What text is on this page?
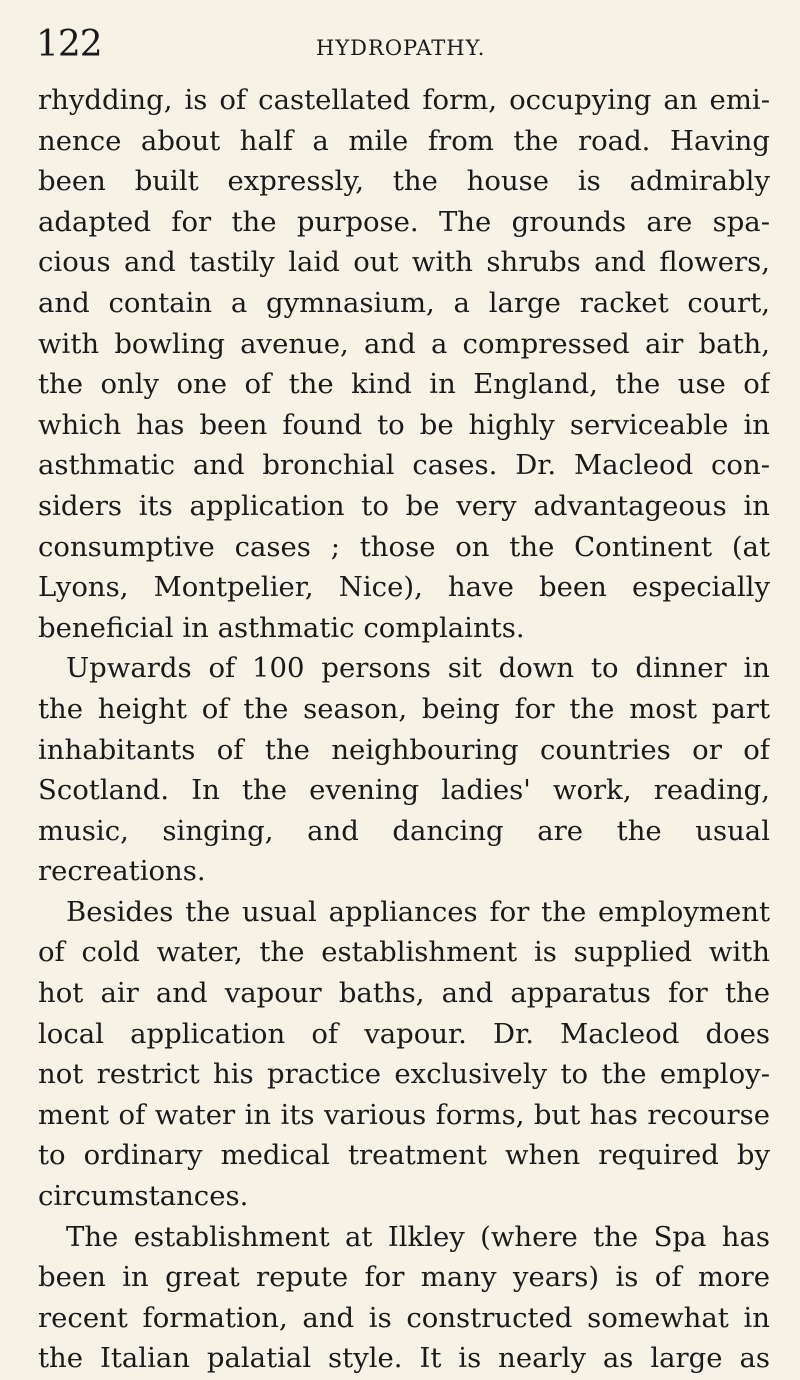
122	HYDROPATHY.
rhydding, is of castellated form, occupying an emi-
nence about half a mile from the road. Having
been built expressly, the house is admirably
adapted for the purpose. The grounds are spa-
cious and tastily laid out with shrubs and flowers,
and contain a gymnasium, a large racket court,
with bowling avenue, and a compressed air bath,
the only one of the kind in England, the use of
which has been found to be highly serviceable in
asthmatic and bronchial cases. Dr. Macleod con-
siders its application to be very advantageous in
consumptive cases ; those on the Continent (at
Lyons, Montpelier, Nice), have been especially
beneficial in asthmatic complaints.
Upwards of 100 persons sit down to dinner in
the height of the season, being for the most part
inhabitants of the neighbouring countries or of
Scotland. In the evening ladies' work, reading,
music, singing, and dancing are the usual
recreations.
Besides the usual appliances for the employment
of cold water, the establishment is supplied with
hot air and vapour baths, and apparatus for the
local application of vapour. Dr. Macleod does
not restrict his practice exclusively to the employ-
ment of water in its various forms, but has recourse
to ordinary medical treatment when required by
circumstances.
The establishment at Ilkley (where the Spa has
been in great repute for many years) is of more
recent formation, and is constructed somewhat in
the Italian palatial style. It is nearly as large as
